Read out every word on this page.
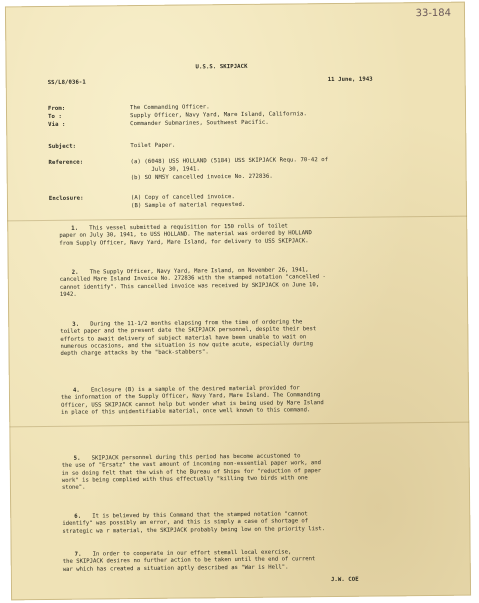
33-184
U.S.S. SKIPJACK
SS/L8/036-1	11 June, 1943
From:	The Commanding Officer.
To :	Supply Officer, Navy Yard, Mare Island, California.
Via :	Commander Submarines, Southwest Pacific.
Subject:	Toilet Paper.
Reference:	(a) (6048) USS HOLLAND (5184) USS SKIPJACK Requ. 70-42 of
July 30, 1941.
(b) SO NMSY cancelled invoice No. 272836.
Enclosure:	(A) Copy of cancelled invoice.
(B) Sample of material requested.
1.	This vessel submitted a requisition for 150 rolls of toilet
paper on July 30, 1941, to USS HOLLAND. The material was ordered by HOLLAND
from Supply Officer, Navy Yard, Mare Island, for delivery to USS SKIPJACK.
2.	The Supply Officer, Navy Yard, Mare Island, on November 26, 1941,
cancelled Mare Island Invoice No. 272836 with the stamped notation "cancelled -
cannot identify". This cancelled invoice was received by SKIPJACK on June 10,
1942.
3.	During the 11-1/2 months elapsing from the time of ordering the
toilet paper and the present date the SKIPJACK personnel, despite their best
efforts to await delivery of subject material have been unable to wait on
numerous occasions, and the situation is now quite acute, especially during
depth charge attacks by the "back-stabbers".
4.	Enclosure (B) is a sample of the desired material provided for
the information of the Supply Officer, Navy Yard, Mare Island. The Commanding
Officer, USS SKIPJACK cannot help but wonder what is being used by Mare Island
in place of this unidentifiable material, once well known to this command.
5.	SKIPJACK personnel during this period has become accustomed to
the use of "Ersatz" the vast amount of incoming non-essential paper work, and
in so doing felt that the wish of the Bureau of Ships for "reduction of paper
work" is being complied with thus effectually "killing two birds with one
stone".
6.	It is believed by this Command that the stamped notation "cannot
identify" was possibly an error, and this is simply a case of shortage of
strategic wa r material, the SKIPJACK probably being low on the priority list.
7.	In order to cooperate in our effort stemall local exercise,
the SKIPJACK desires no further action to be taken until the end of current
war which has created a situation aptly described as "War is Hell".
J.W. COE
